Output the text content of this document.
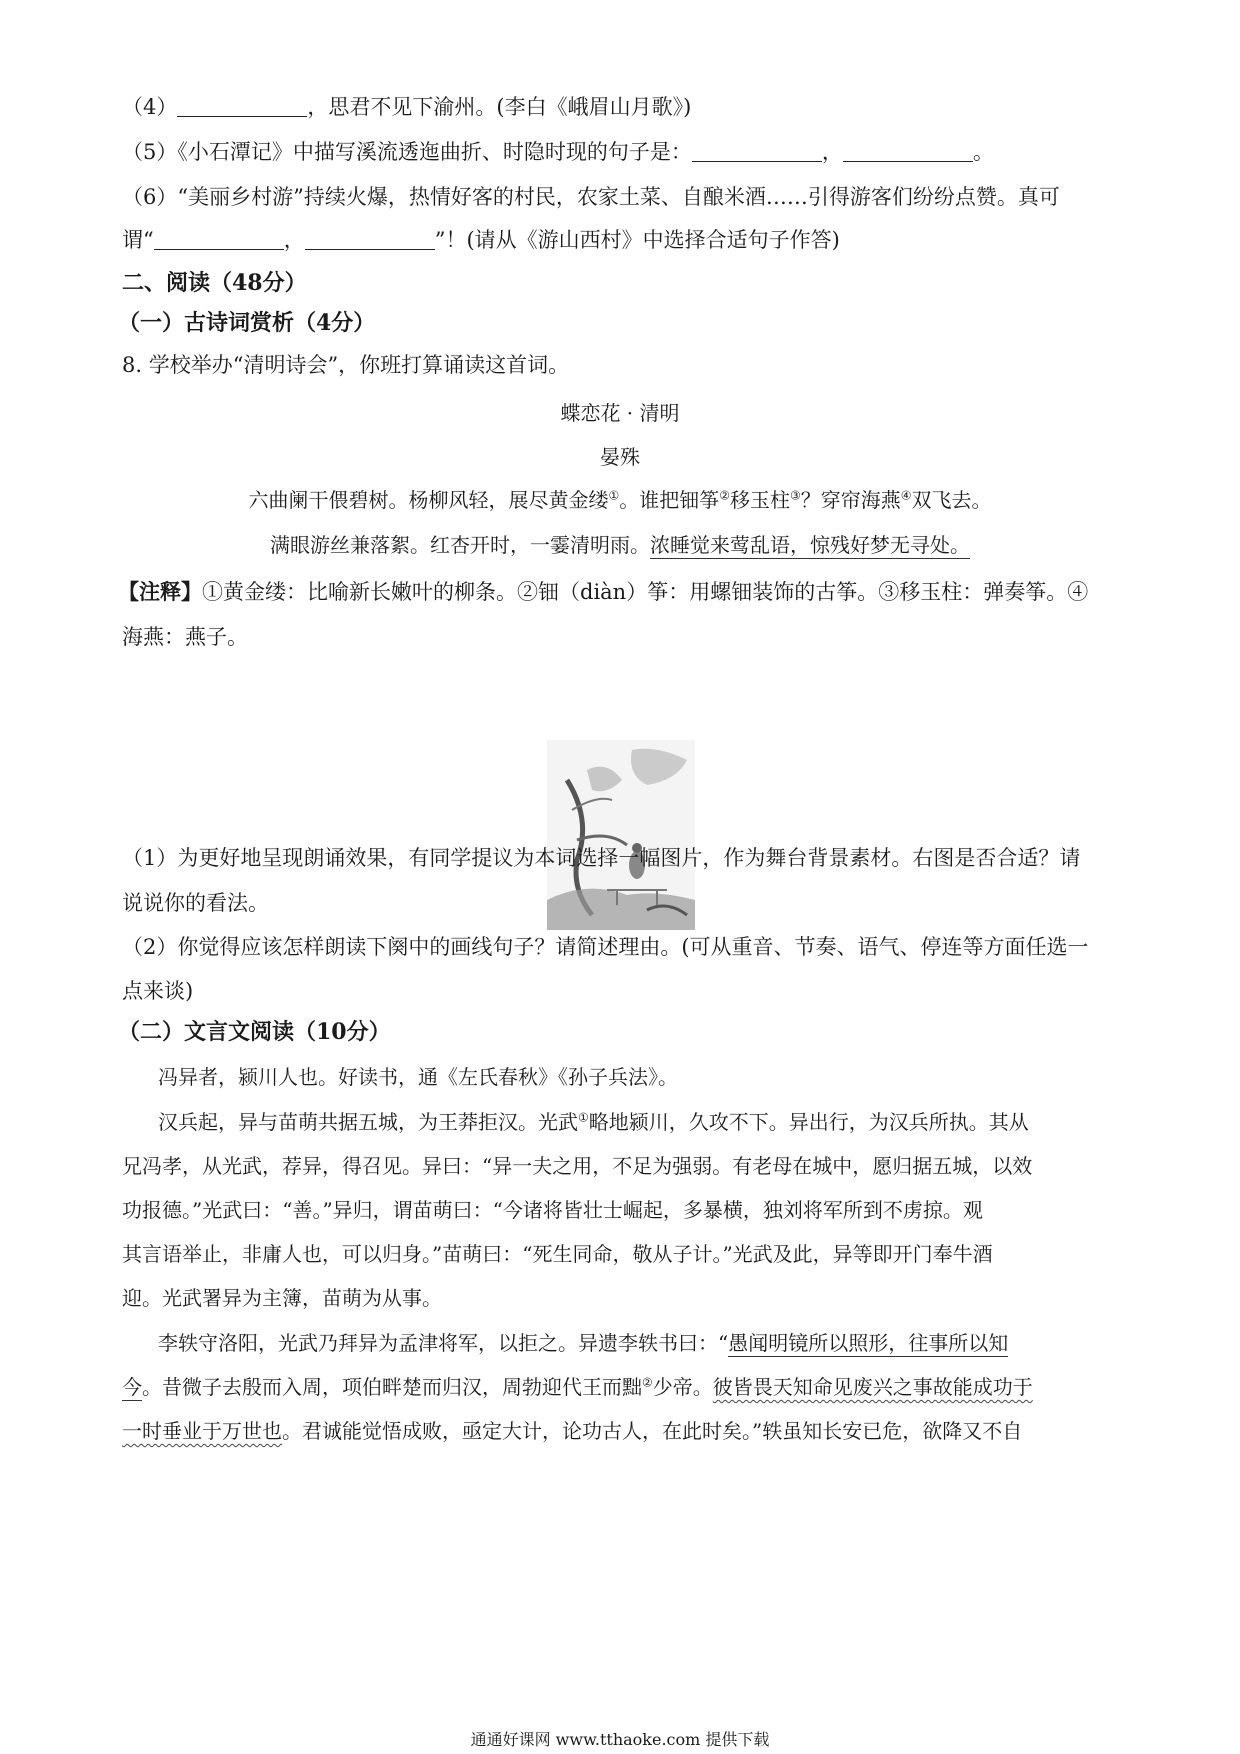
（4）	，思君不见下渝州。(李白《峨眉山月歌》)
（5）《小石潭记》中描写溪流透迤曲折、时隐时现的句子是：	，	。
（6）“美丽乡村游”持续火爆，热情好客的村民，农家土菜、自酿米酒……引得游客们纷纷点赞。真可
谓“	，	”！(请从《游山西村》中选择合适句子作答)
二、阅读（48分）
（一）古诗词赏析（4分）
8. 学校举办“清明诗会”，你班打算诵读这首词。
蝶恋花 · 清明
晏殊
六曲阑干偎碧树。杨柳风轻，展尽黄金缕①。谁把钿筝②移玉柱③？穿帘海燕④双飞去。
满眼游丝兼落絮。红杏开时，一霎清明雨。浓睡觉来莺乱语，惊残好梦无寻处。
【注释】①黄金缕：比喻新长嫩叶的柳条。②钿（diàn）筝：用螺钿装饰的古筝。③移玉柱：弹奏筝。④
海燕：燕子。
（1）为更好地呈现朗诵效果，有同学提议为本词选择一幅图片，作为舞台背景素材。右图是否合适？请
说说你的看法。
（2）你觉得应该怎样朗读下阕中的画线句子？请简述理由。(可从重音、节奏、语气、停连等方面任选一
点来谈)
（二）文言文阅读（10分）
冯异者，颍川人也。好读书，通《左氏春秋》《孙子兵法》。
汉兵起，异与苗萌共据五城，为王莽拒汉。光武①略地颍川，久攻不下。异出行，为汉兵所执。其从
兄冯孝，从光武，荐异，得召见。异曰：“异一夫之用，不足为强弱。有老母在城中，愿归据五城，以效
功报德。”光武曰：“善。”异归，谓苗萌曰：“今诸将皆壮士崛起，多暴横，独刘将军所到不虏掠。观
其言语举止，非庸人也，可以归身。”苗萌曰：“死生同命，敬从子计。”光武及此，异等即开门奉牛酒
迎。光武署异为主簿，苗萌为从事。
李轶守洛阳，光武乃拜异为孟津将军，以拒之。异遗李轶书曰：“愚闻明镜所以照形，往事所以知
今。昔微子去殷而入周，项伯畔楚而归汉，周勃迎代王而黜②少帝。彼皆畏天知命见废兴之事故能成功于
一时垂业于万世也。君诚能觉悟成败，亟定大计，论功古人，在此时矣。”轶虽知长安已危，欲降又不自
通通好课网 www.tthaoke.com 提供下载
